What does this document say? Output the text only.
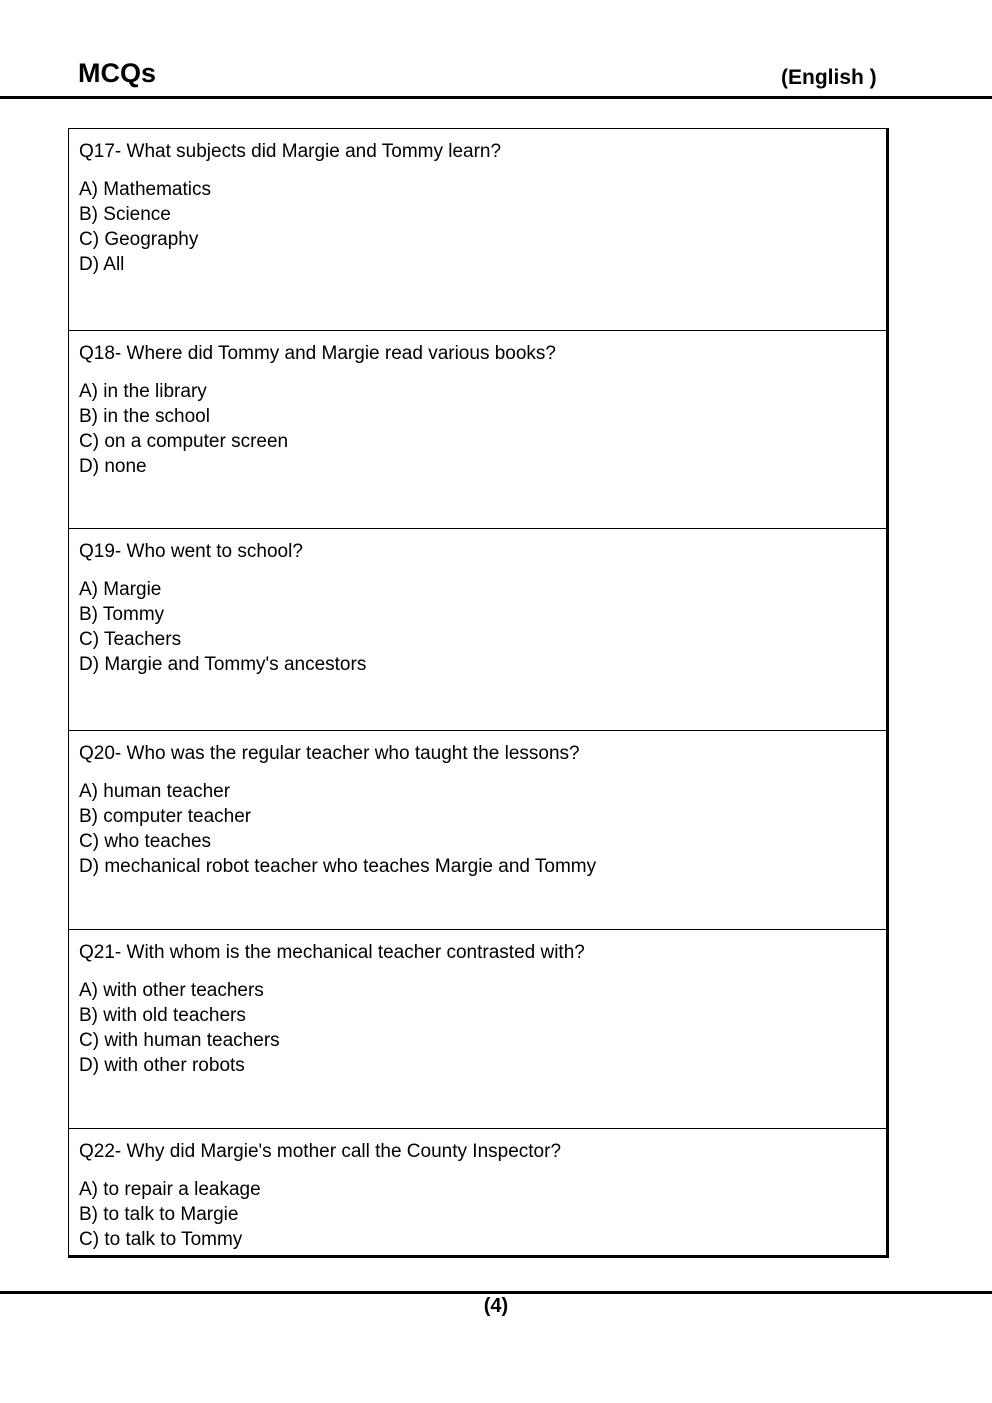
MCQs	(English )
Q17- What subjects did Margie and Tommy learn?
A) Mathematics
B) Science
C) Geography
D) All
Q18- Where did Tommy and Margie read various books?
A) in the library
B) in the school
C) on a computer screen
D) none
Q19- Who went to school?
A) Margie
B) Tommy
C) Teachers
D) Margie and Tommy's ancestors
Q20- Who was the regular teacher who taught the lessons?
A) human teacher
B) computer teacher
C) who teaches
D) mechanical robot teacher who teaches Margie and Tommy
Q21- With whom is the mechanical teacher contrasted with?
A) with other teachers
B) with old teachers
C) with human teachers
D) with other robots
Q22- Why did Margie's mother call the County Inspector?
A) to repair a leakage
B) to talk to Margie
C) to talk to Tommy
(4)
